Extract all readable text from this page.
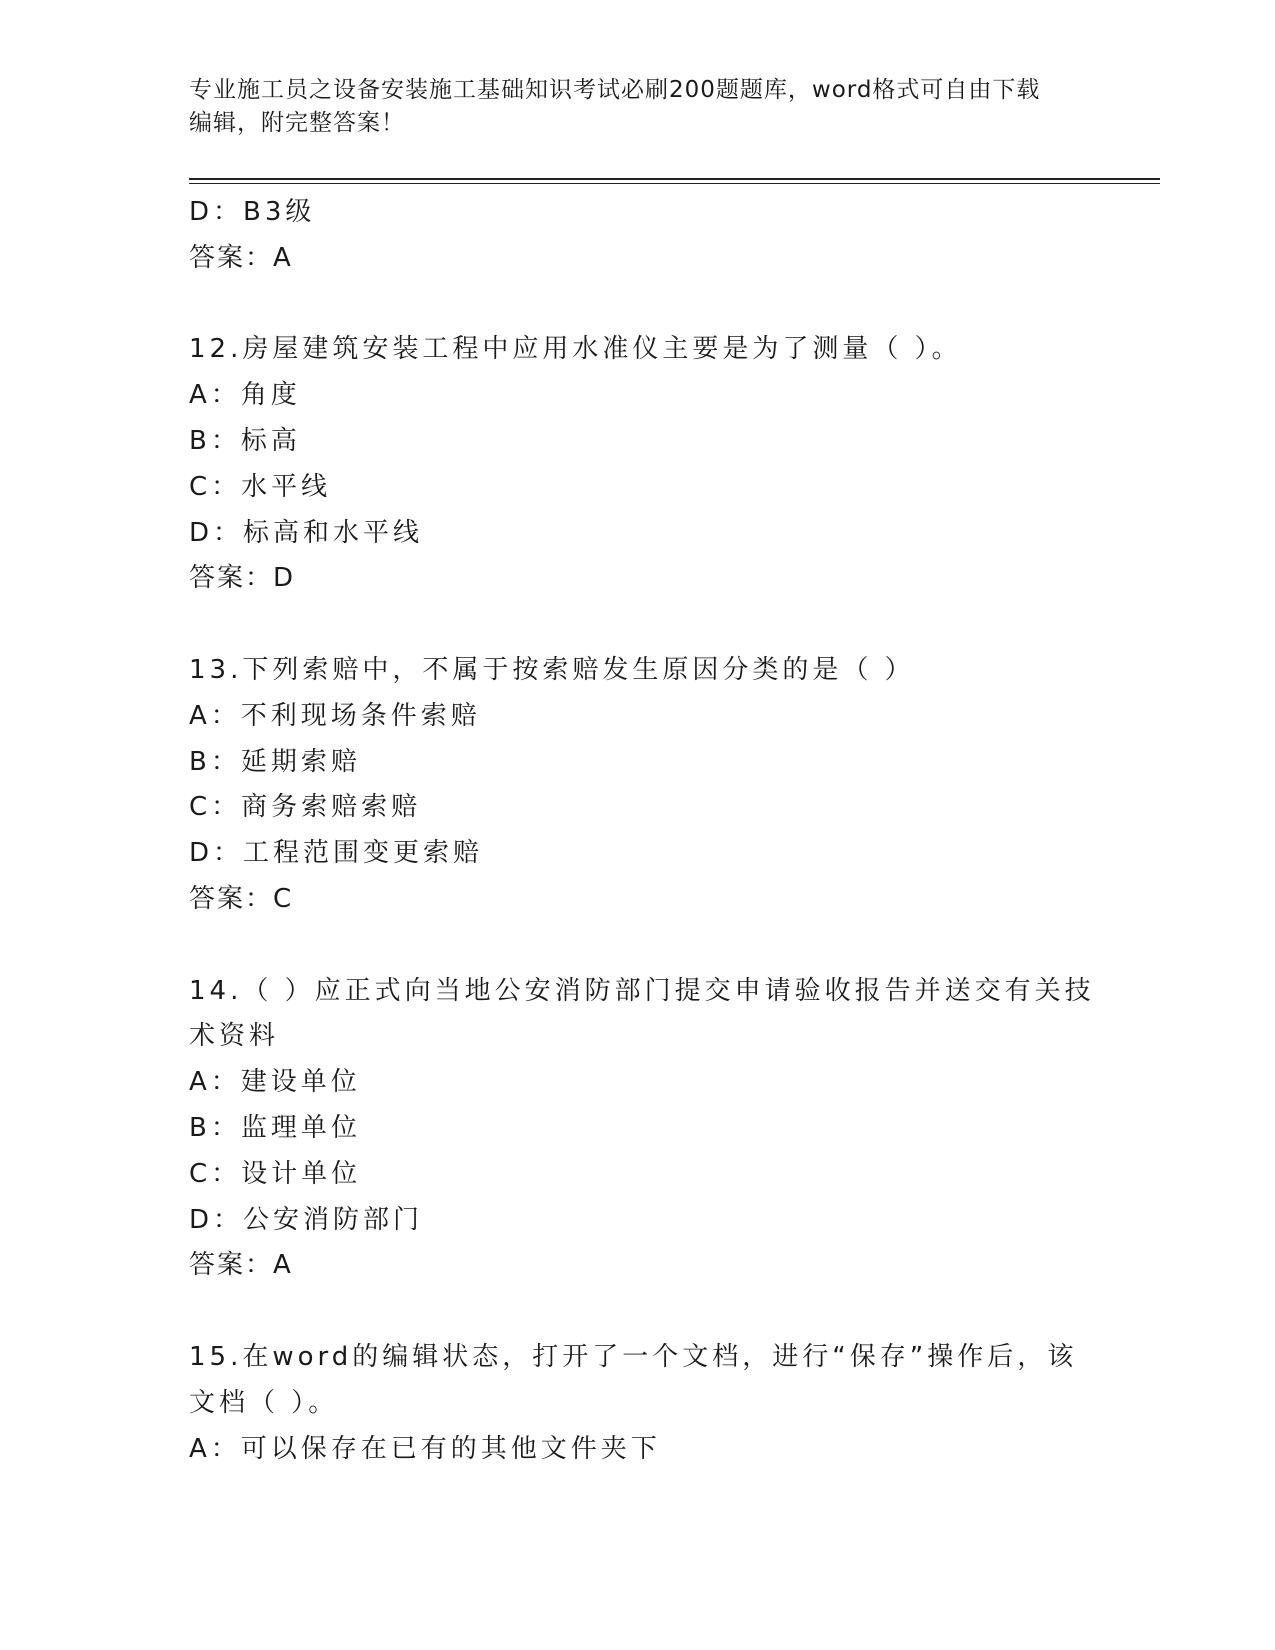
专业施工员之设备安装施工基础知识考试必刷200题题库，word格式可自由下载
编辑，附完整答案！
D：B3级
答案：A
12.房屋建筑安装工程中应用水准仪主要是为了测量（ ）。
A：角度
B：标高
C：水平线
D：标高和水平线
答案：D
13.下列索赔中，不属于按索赔发生原因分类的是（ ）
A：不利现场条件索赔
B：延期索赔
C：商务索赔索赔
D：工程范围变更索赔
答案：C
14.（ ）应正式向当地公安消防部门提交申请验收报告并送交有关技
术资料
A：建设单位
B：监理单位
C：设计单位
D：公安消防部门
答案：A
15.在word的编辑状态，打开了一个文档，进行“保存”操作后，该
文档（ ）。
A：可以保存在已有的其他文件夹下
